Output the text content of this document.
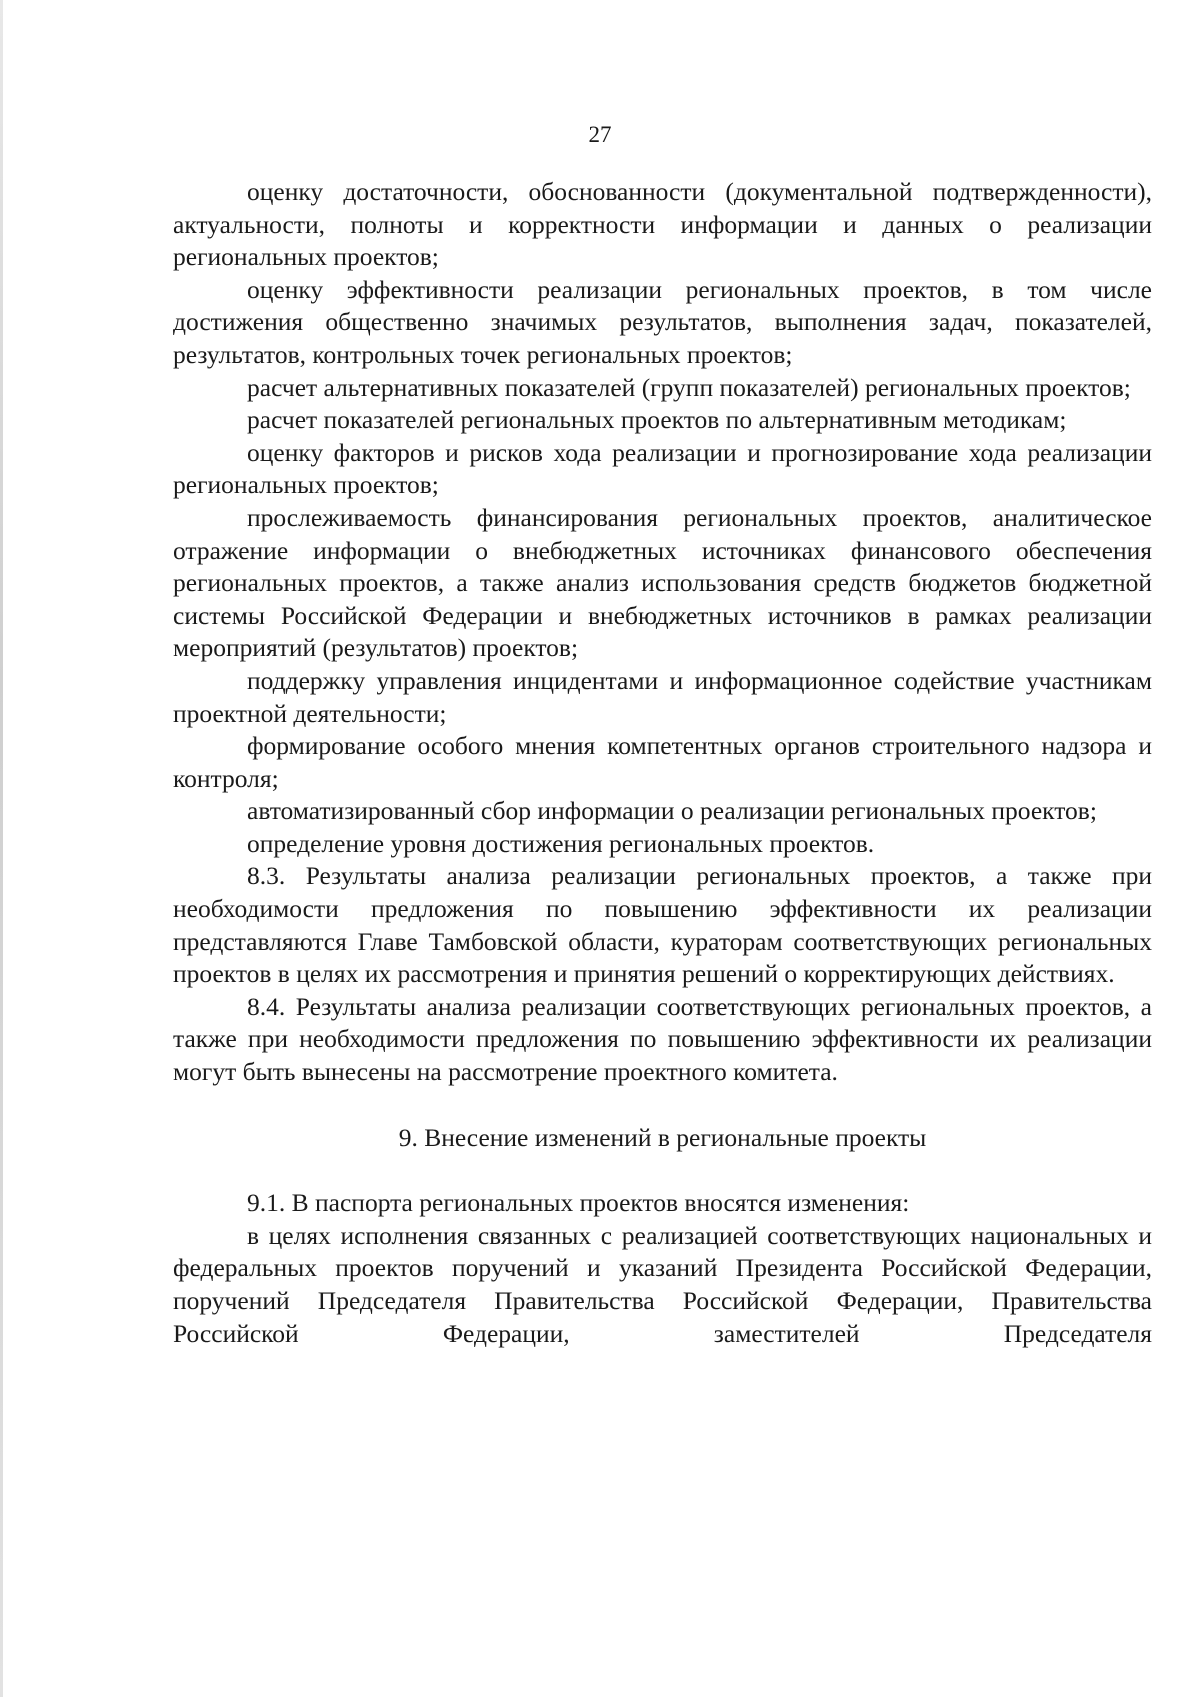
27

оценку достаточности, обоснованности (документальной подтвержденности), актуальности, полноты и корректности информации и данных о реализации региональных проектов;

оценку эффективности реализации региональных проектов, в том числе достижения общественно значимых результатов, выполнения задач, показателей, результатов, контрольных точек региональных проектов;

расчет альтернативных показателей (групп показателей) региональных проектов;

расчет показателей региональных проектов по альтернативным методикам;

оценку факторов и рисков хода реализации и прогнозирование хода реализации региональных проектов;

прослеживаемость финансирования региональных проектов, аналитическое отражение информации о внебюджетных источниках финансового обеспечения региональных проектов, а также анализ использования средств бюджетов бюджетной системы Российской Федерации и внебюджетных источников в рамках реализации мероприятий (результатов) проектов;

поддержку управления инцидентами и информационное содействие участникам проектной деятельности;

формирование особого мнения компетентных органов строительного надзора и контроля;

автоматизированный сбор информации о реализации региональных проектов;

определение уровня достижения региональных проектов.

8.3. Результаты анализа реализации региональных проектов, а также при необходимости предложения по повышению эффективности их реализации представляются Главе Тамбовской области, кураторам соответствующих региональных проектов в целях их рассмотрения и принятия решений о корректирующих действиях.

8.4. Результаты анализа реализации соответствующих региональных проектов, а также при необходимости предложения по повышению эффективности их реализации могут быть вынесены на рассмотрение проектного комитета.

9. Внесение изменений в региональные проекты

9.1. В паспорта региональных проектов вносятся изменения:

в целях исполнения связанных с реализацией соответствующих национальных и федеральных проектов поручений и указаний Президента Российской Федерации, поручений Председателя Правительства Российской Федерации, Правительства Российской Федерации, заместителей Председателя
